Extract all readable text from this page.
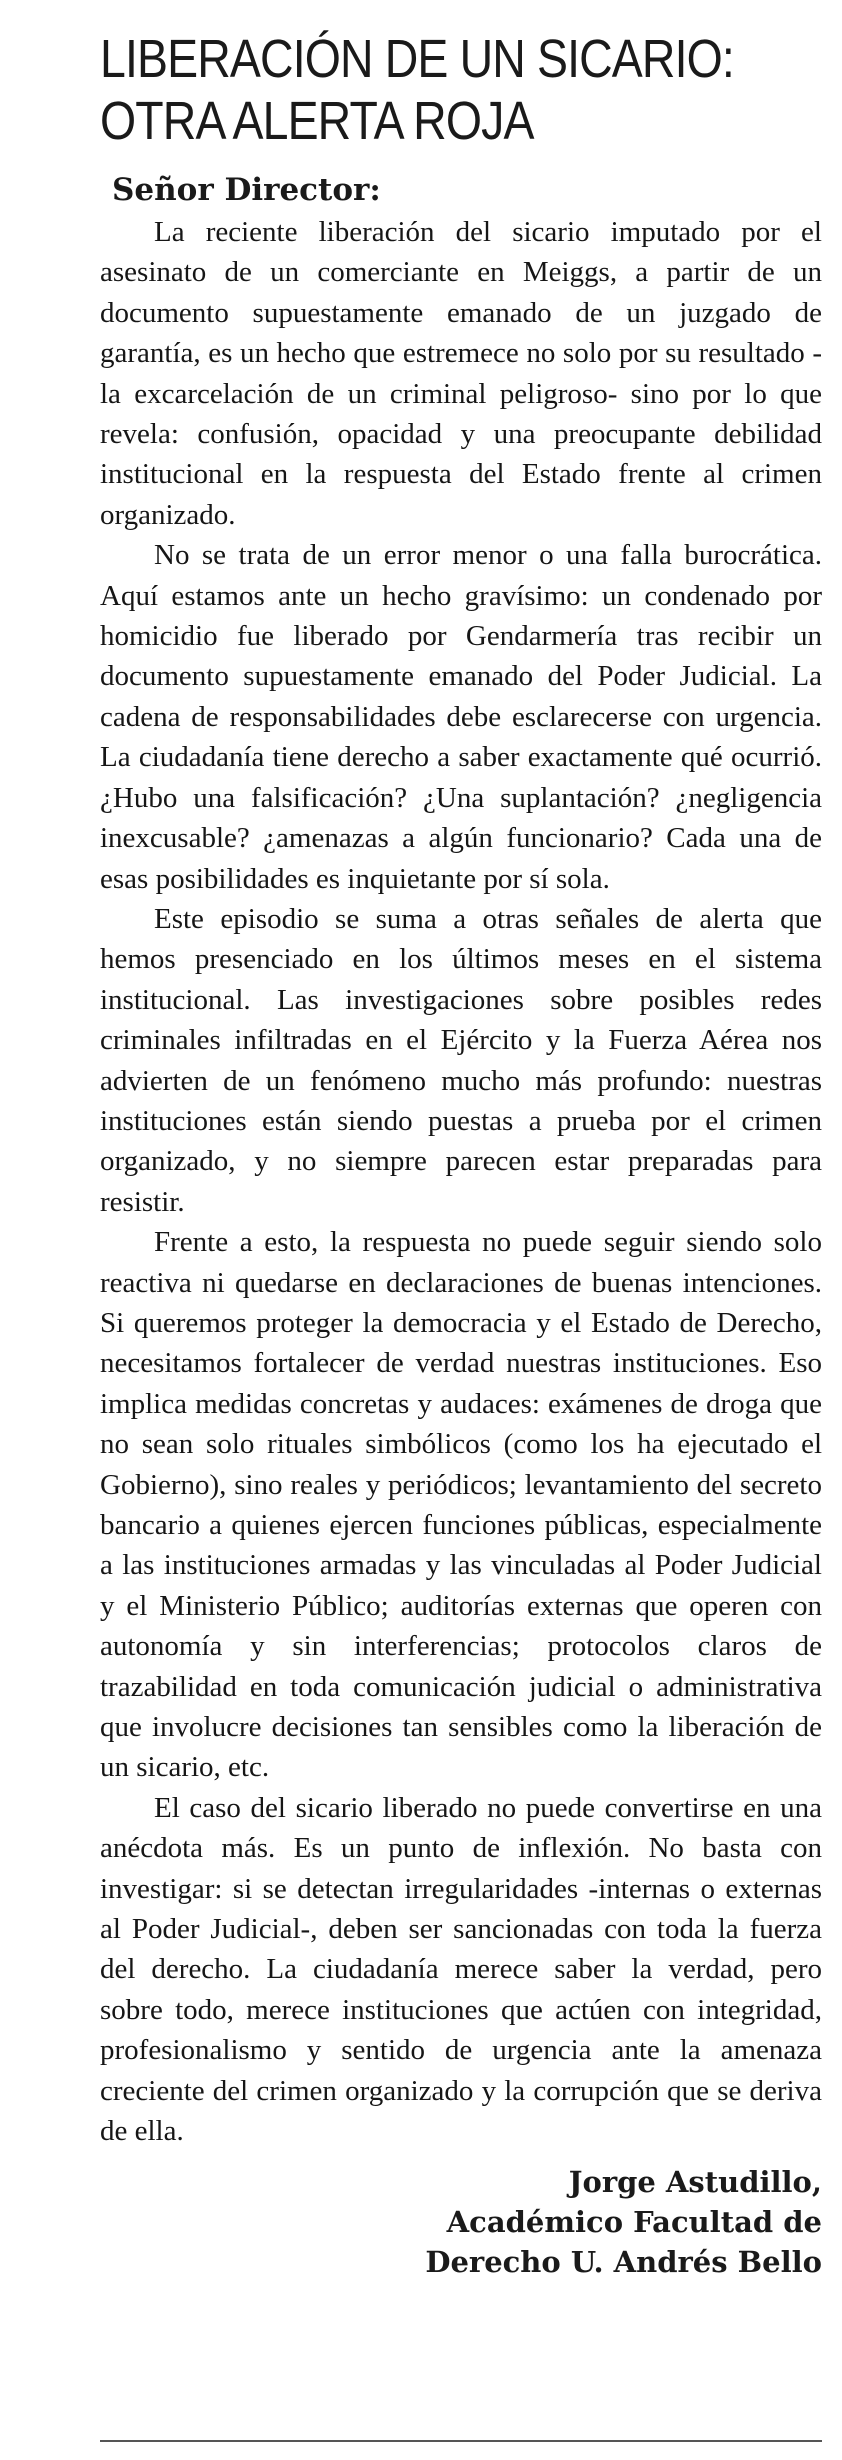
LIBERACIÓN DE UN SICARIO:
OTRA ALERTA ROJA
Señor Director:

La reciente liberación del sicario imputado por el asesinato de un comerciante en Meiggs, a partir de un documento supuestamente emanado de un juzgado de garantía, es un hecho que estremece no solo por su resultado -la excarcelación de un criminal peligroso- sino por lo que revela: confusión, opacidad y una preocupante debilidad institucional en la respuesta del Estado frente al crimen organizado.

No se trata de un error menor o una falla burocrática. Aquí estamos ante un hecho gravísimo: un condenado por homicidio fue liberado por Gendarmería tras recibir un documento supuestamente emanado del Poder Judicial. La cadena de responsabilidades debe esclarecerse con urgencia. La ciudadanía tiene derecho a saber exactamente qué ocurrió. ¿Hubo una falsificación? ¿Una suplantación? ¿negligencia inexcusable? ¿amenazas a algún funcionario? Cada una de esas posibilidades es inquietante por sí sola.

Este episodio se suma a otras señales de alerta que hemos presenciado en los últimos meses en el sistema institucional. Las investigaciones sobre posibles redes criminales infiltradas en el Ejército y la Fuerza Aérea nos advierten de un fenómeno mucho más profundo: nuestras instituciones están siendo puestas a prueba por el crimen organizado, y no siempre parecen estar preparadas para resistir.

Frente a esto, la respuesta no puede seguir siendo solo reactiva ni quedarse en declaraciones de buenas intenciones. Si queremos proteger la democracia y el Estado de Derecho, necesitamos fortalecer de verdad nuestras instituciones. Eso implica medidas concretas y audaces: exámenes de droga que no sean solo rituales simbólicos (como los ha ejecutado el Gobierno), sino reales y periódicos; levantamiento del secreto bancario a quienes ejercen funciones públicas, especialmente a las instituciones armadas y las vinculadas al Poder Judicial y el Ministerio Público; auditorías externas que operen con autonomía y sin interferencias; protocolos claros de trazabilidad en toda comunicación judicial o administrativa que involucre decisiones tan sensibles como la liberación de un sicario, etc.

El caso del sicario liberado no puede convertirse en una anécdota más. Es un punto de inflexión. No basta con investigar: si se detectan irregularidades -internas o externas al Poder Judicial-, deben ser sancionadas con toda la fuerza del derecho. La ciudadanía merece saber la verdad, pero sobre todo, merece instituciones que actúen con integridad, profesionalismo y sentido de urgencia ante la amenaza creciente del crimen organizado y la corrupción que se deriva de ella.

Jorge Astudillo,
Académico Facultad de
Derecho U. Andrés Bello
